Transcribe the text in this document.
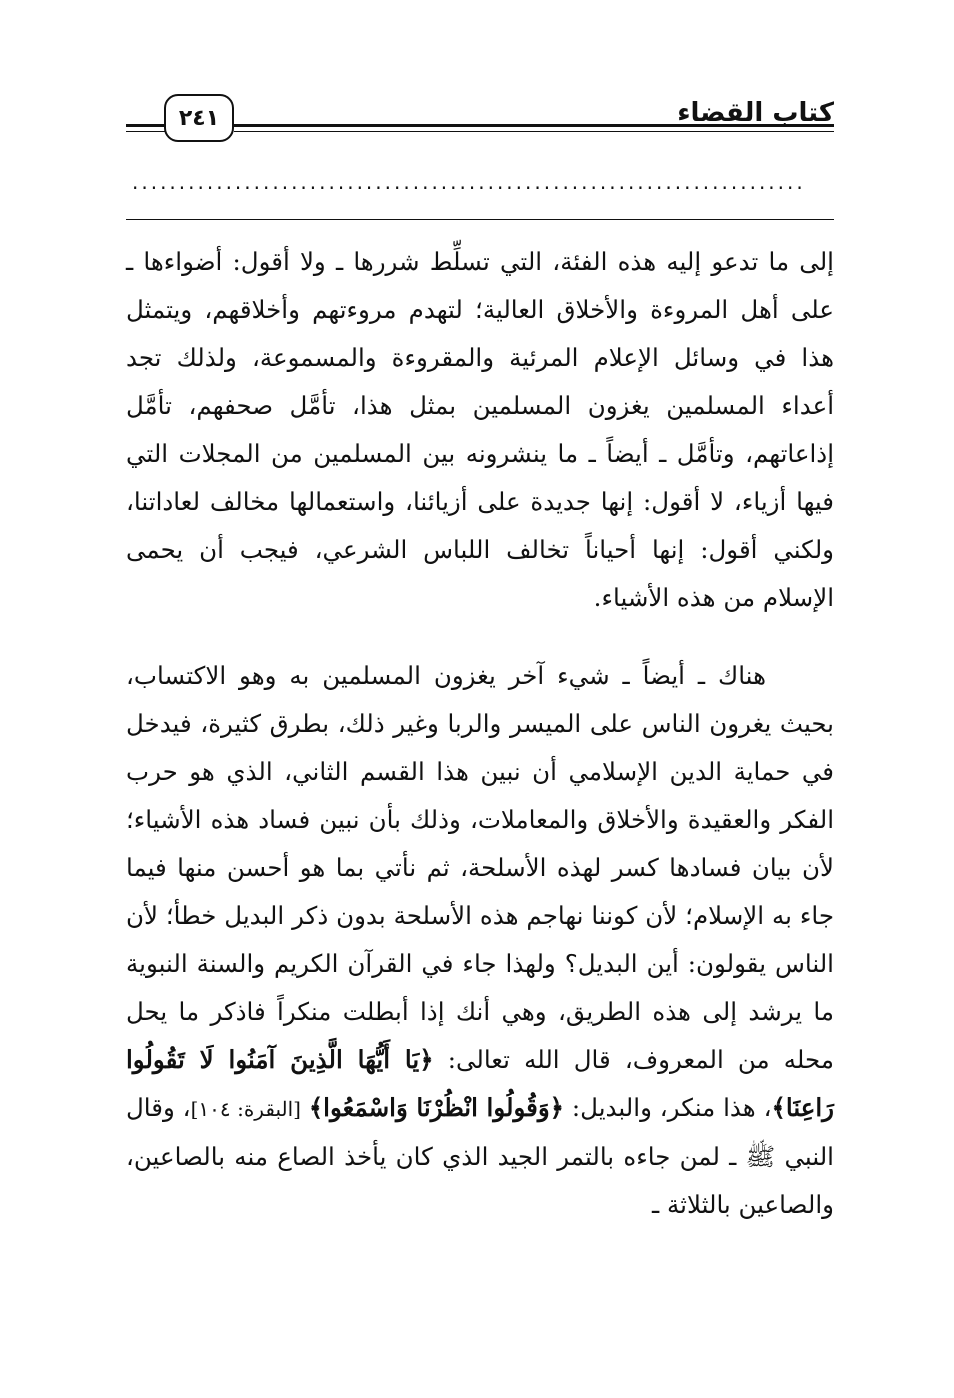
كتاب القضاء
٢٤١
........................................................................

إلى ما تدعو إليه هذه الفئة، التي تسلِّط شررها ـ ولا أقول: أضواءها ـ على أهل المروءة والأخلاق العالية؛ لتهدم مروءتهم وأخلاقهم، ويتمثل هذا في وسائل الإعلام المرئية والمقروءة والمسموعة، ولذلك تجد أعداء المسلمين يغزون المسلمين بمثل هذا، تأمَّل صحفهم، تأمَّل إذاعاتهم، وتأمَّل ـ أيضاً ـ ما ينشرونه بين المسلمين من المجلات التي فيها أزياء، لا أقول: إنها جديدة على أزيائنا، واستعمالها مخالف لعاداتنا، ولكني أقول: إنها أحياناً تخالف اللباس الشرعي، فيجب أن يحمى الإسلام من هذه الأشياء.

هناك ـ أيضاً ـ شيء آخر يغزون المسلمين به وهو الاكتساب، بحيث يغرون الناس على الميسر والربا وغير ذلك، بطرق كثيرة، فيدخل في حماية الدين الإسلامي أن نبين هذا القسم الثاني، الذي هو حرب الفكر والعقيدة والأخلاق والمعاملات، وذلك بأن نبين فساد هذه الأشياء؛ لأن بيان فسادها كسر لهذه الأسلحة، ثم نأتي بما هو أحسن منها فيما جاء به الإسلام؛ لأن كوننا نهاجم هذه الأسلحة بدون ذكر البديل خطأ؛ لأن الناس يقولون: أين البديل؟ ولهذا جاء في القرآن الكريم والسنة النبوية ما يرشد إلى هذه الطريق، وهي أنك إذا أبطلت منكراً فاذكر ما يحل محله من المعروف، قال الله تعالى: ﴿يَا أَيُّهَا الَّذِينَ آمَنُوا لَا تَقُولُوا رَاعِنَا﴾، هذا منكر، والبديل: ﴿وَقُولُوا انْظُرْنَا وَاسْمَعُوا﴾ [البقرة: ١٠٤]، وقال النبي ﷺ ـ لمن جاءه بالتمر الجيد الذي كان يأخذ الصاع منه بالصاعين، والصاعين بالثلاثة ـ
